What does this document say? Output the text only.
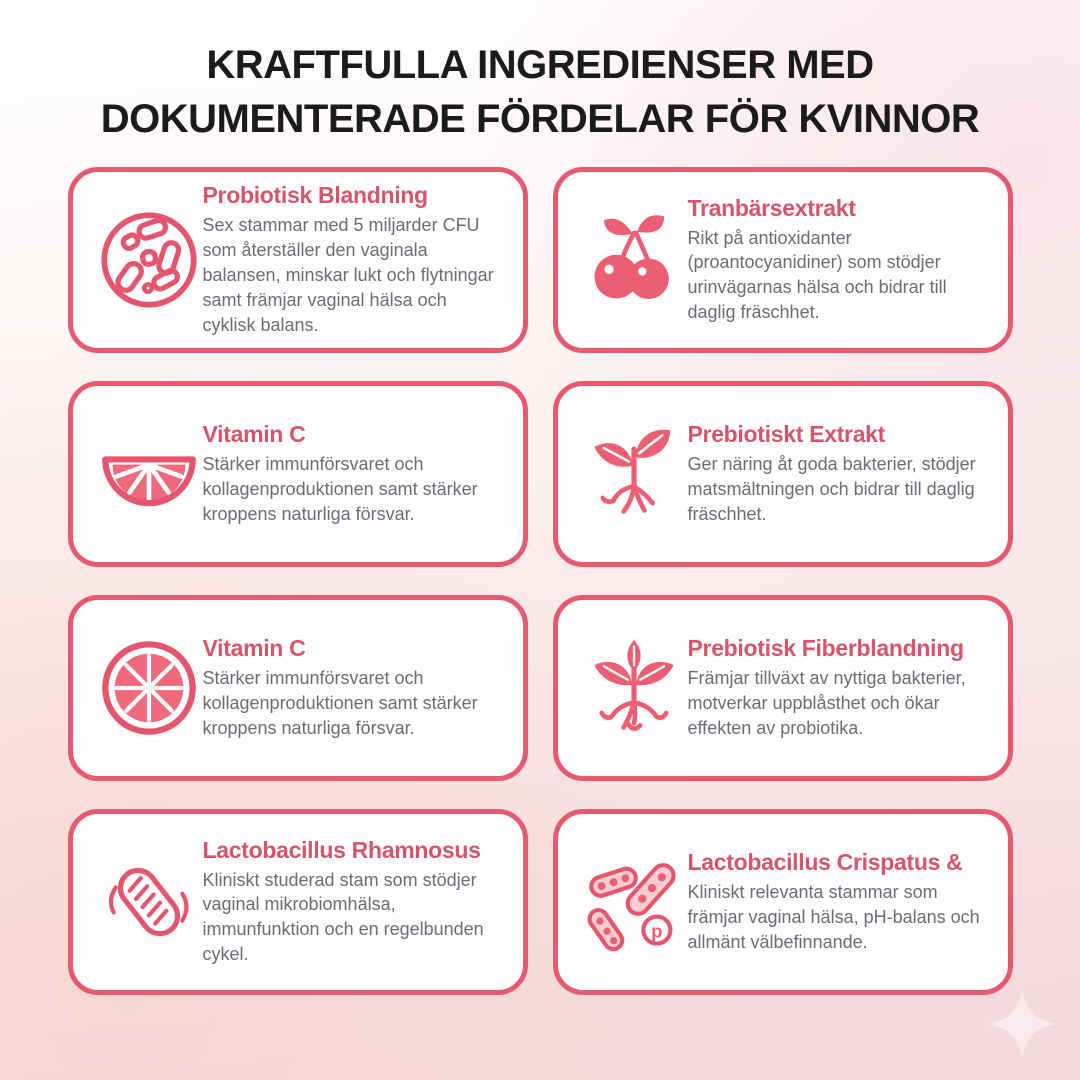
KRAFTFULLA INGREDIENSER MED
DOKUMENTERADE FÖRDELAR FÖR KVINNOR
Probiotisk Blandning

Sex stammar med 5 miljarder CFU som återställer den vaginala balansen, minskar lukt och flytningar samt främjar vaginal hälsa och cyklisk balans.

Tranbärsextrakt

Rikt på antioxidanter (proantocyanidiner) som stödjer urinvägarnas hälsa och bidrar till daglig fräschhet.

Vitamin C

Stärker immunförsvaret och kollagenproduktionen samt stärker kroppens naturliga försvar.

Prebiotiskt Extrakt

Ger näring åt goda bakterier, stödjer matsmältningen och bidrar till daglig fräschhet.

Vitamin C

Stärker immunförsvaret och kollagenproduktionen samt stärker kroppens naturliga försvar.

Prebiotisk Fiberblandning

Främjar tillväxt av nyttiga bakterier, motverkar uppblåsthet och ökar effekten av probiotika.

Lactobacillus Rhamnosus

Kliniskt studerad stam som stödjer vaginal mikrobiomhälsa, immunfunktion och en regelbunden cykel.

p
Lactobacillus Crispatus &

Kliniskt relevanta stammar som främjar vaginal hälsa, pH-balans och allmänt välbefinnande.
